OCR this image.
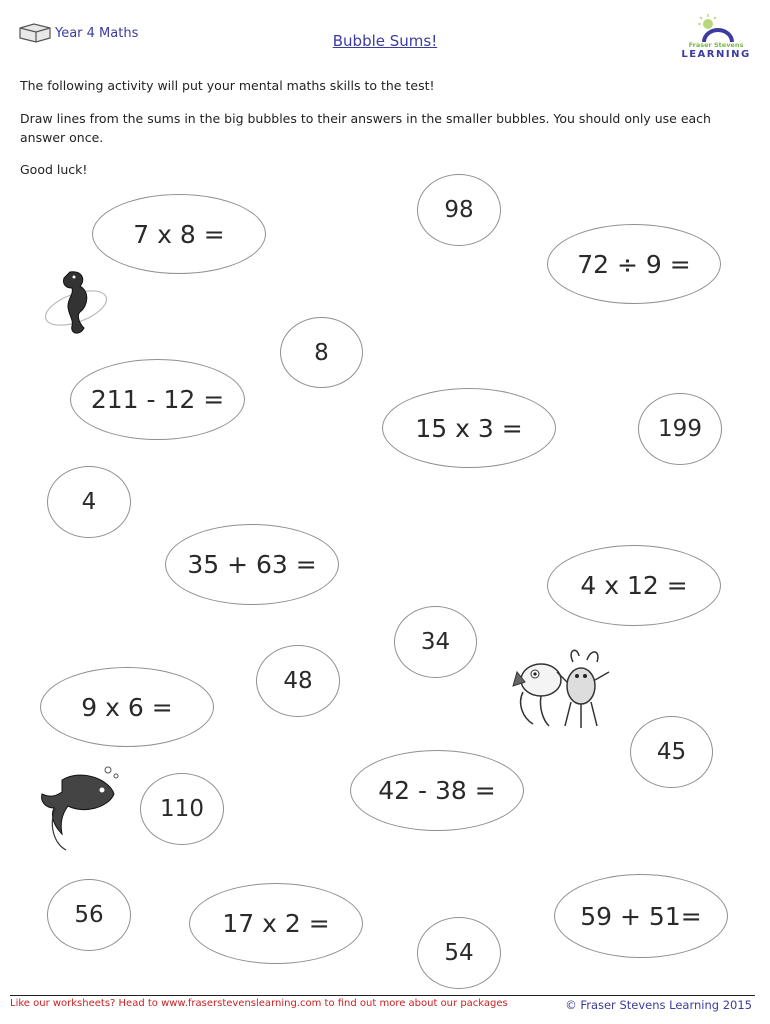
Year 4 Maths	Bubble Sums!	Fraser Stevens
LEARNING
The following activity will put your mental maths skills to the test!
Draw lines from the sums in the big bubbles to their answers in the smaller bubbles. You should only use each answer once.
Good luck!
7 x 8 =
72 ÷ 9 =
211 - 12 =
15 x 3 =
35 + 63 =
4 x 12 =
9 x 6 =
42 - 38 =
17 x 2 =	59 + 51=
98
8
199
4
34
48
45
110
56
54
Like our worksheets? Head to www.fraserstevenslearning.com to find out more about our packages	© Fraser Stevens Learning 2015
